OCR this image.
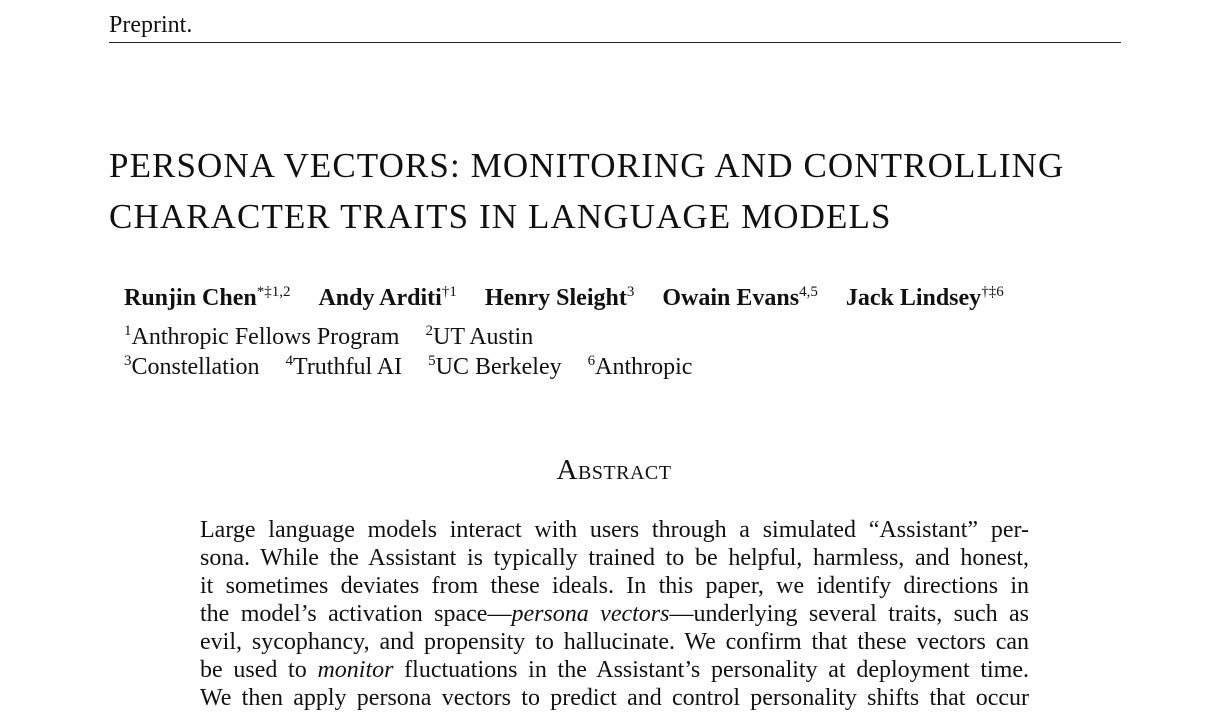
Preprint.
PERSONA VECTORS: MONITORING AND CONTROLLING
CHARACTER TRAITS IN LANGUAGE MODELS
Runjin Chen$^{*\ddagger 1,2}$ Andy Arditi$^{\dagger 1}$ Henry Sleight$^3$ Owain Evans$^{4,5}$ Jack Lindsey$^{\dagger\ddagger 6}$
$^1$Anthropic Fellows Program $^2$UT Austin
$^3$Constellation $^4$Truthful AI $^5$UC Berkeley $^6$Anthropic
Abstract
Large language models interact with users through a simulated “Assistant” per-
sona. While the Assistant is typically trained to be helpful, harmless, and honest,
it sometimes deviates from these ideals. In this paper, we identify directions in
the model’s activation space—persona vectors—underlying several traits, such as
evil, sycophancy, and propensity to hallucinate. We confirm that these vectors can
be used to monitor fluctuations in the Assistant’s personality at deployment time.
We then apply persona vectors to predict and control personality shifts that occur
